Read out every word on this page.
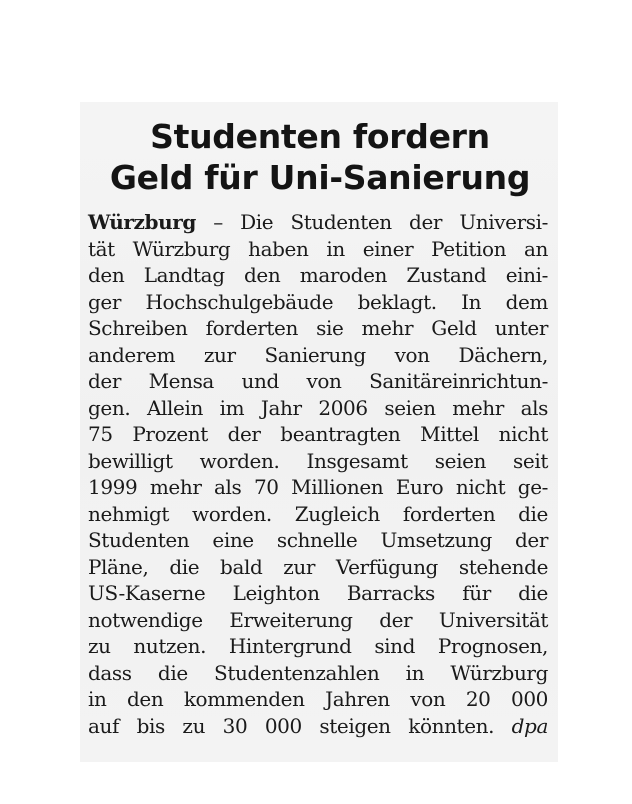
Studenten fordern
Geld für Uni-Sanierung
Würzburg – Die Studenten der Universi-
tät Würzburg haben in einer Petition an
den Landtag den maroden Zustand eini-
ger Hochschulgebäude beklagt. In dem
Schreiben forderten sie mehr Geld unter
anderem zur Sanierung von Dächern,
der Mensa und von Sanitäreinrichtun-
gen. Allein im Jahr 2006 seien mehr als
75 Prozent der beantragten Mittel nicht
bewilligt worden. Insgesamt seien seit
1999 mehr als 70 Millionen Euro nicht ge-
nehmigt worden. Zugleich forderten die
Studenten eine schnelle Umsetzung der
Pläne, die bald zur Verfügung stehende
US-Kaserne Leighton Barracks für die
notwendige Erweiterung der Universität
zu nutzen. Hintergrund sind Prognosen,
dass die Studentenzahlen in Würzburg
in den kommenden Jahren von 20 000
auf bis zu 30 000 steigen könnten. dpa
